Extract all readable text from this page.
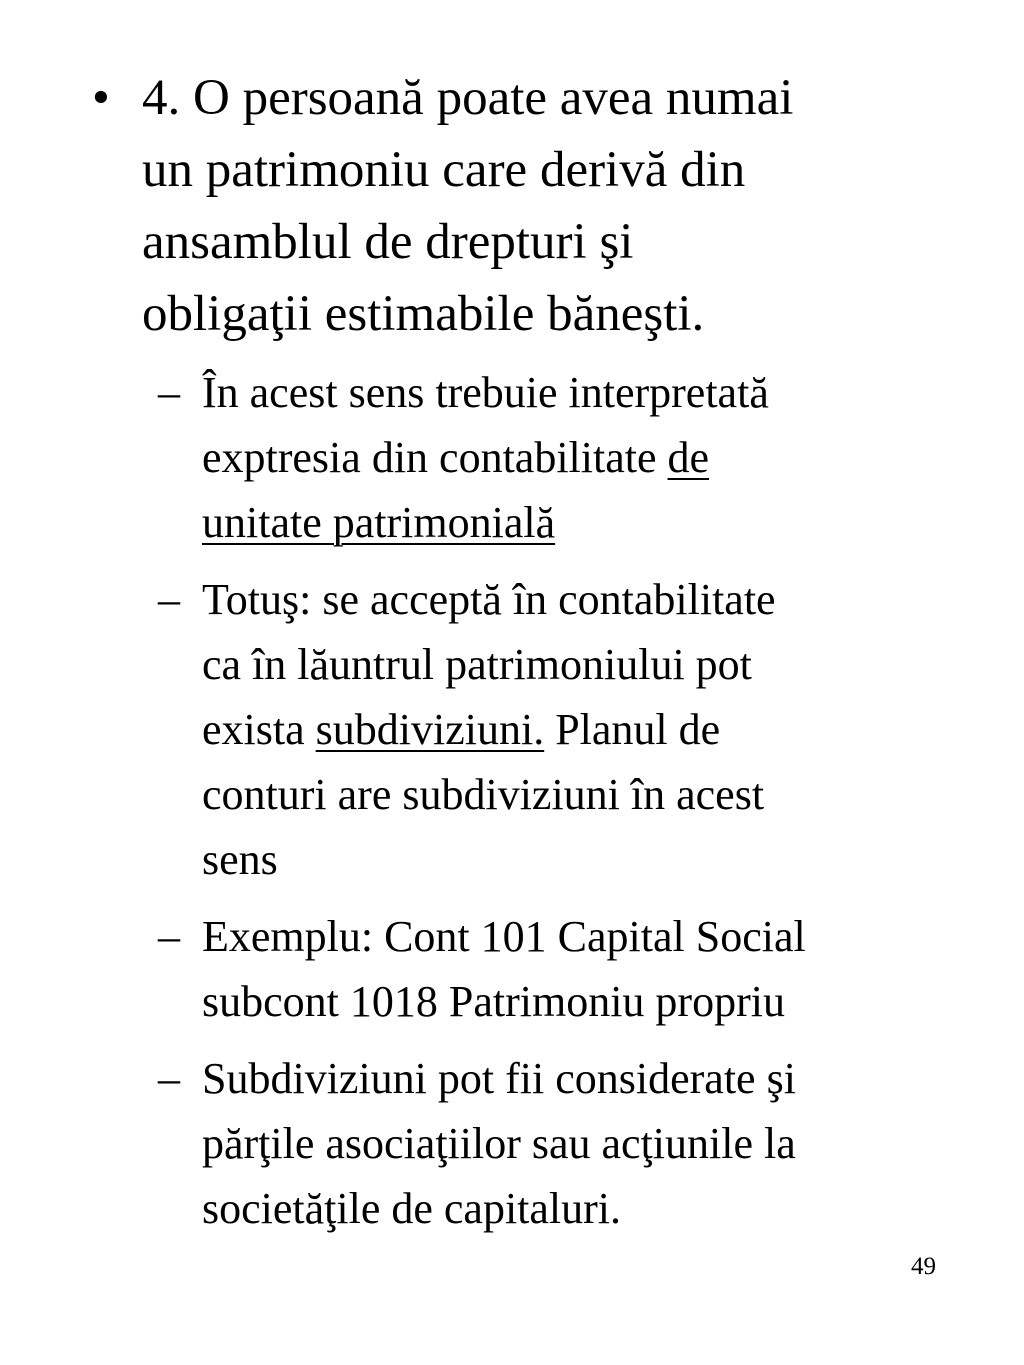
• 4. O persoană poate avea numai
un patrimoniu care derivă din
ansamblul de drepturi şi
obligaţii estimabile băneşti.
– În acest sens trebuie interpretată
exptresia din contabilitate de
unitate patrimonială
– Totuş: se acceptă în contabilitate
ca în lăuntrul patrimoniului pot
exista subdiviziuni. Planul de
conturi are subdiviziuni în acest
sens
– Exemplu: Cont 101 Capital Social
subcont 1018 Patrimoniu propriu
– Subdiviziuni pot fii considerate şi
părţile asociaţiilor sau acţiunile la
societăţile de capitaluri.
49
